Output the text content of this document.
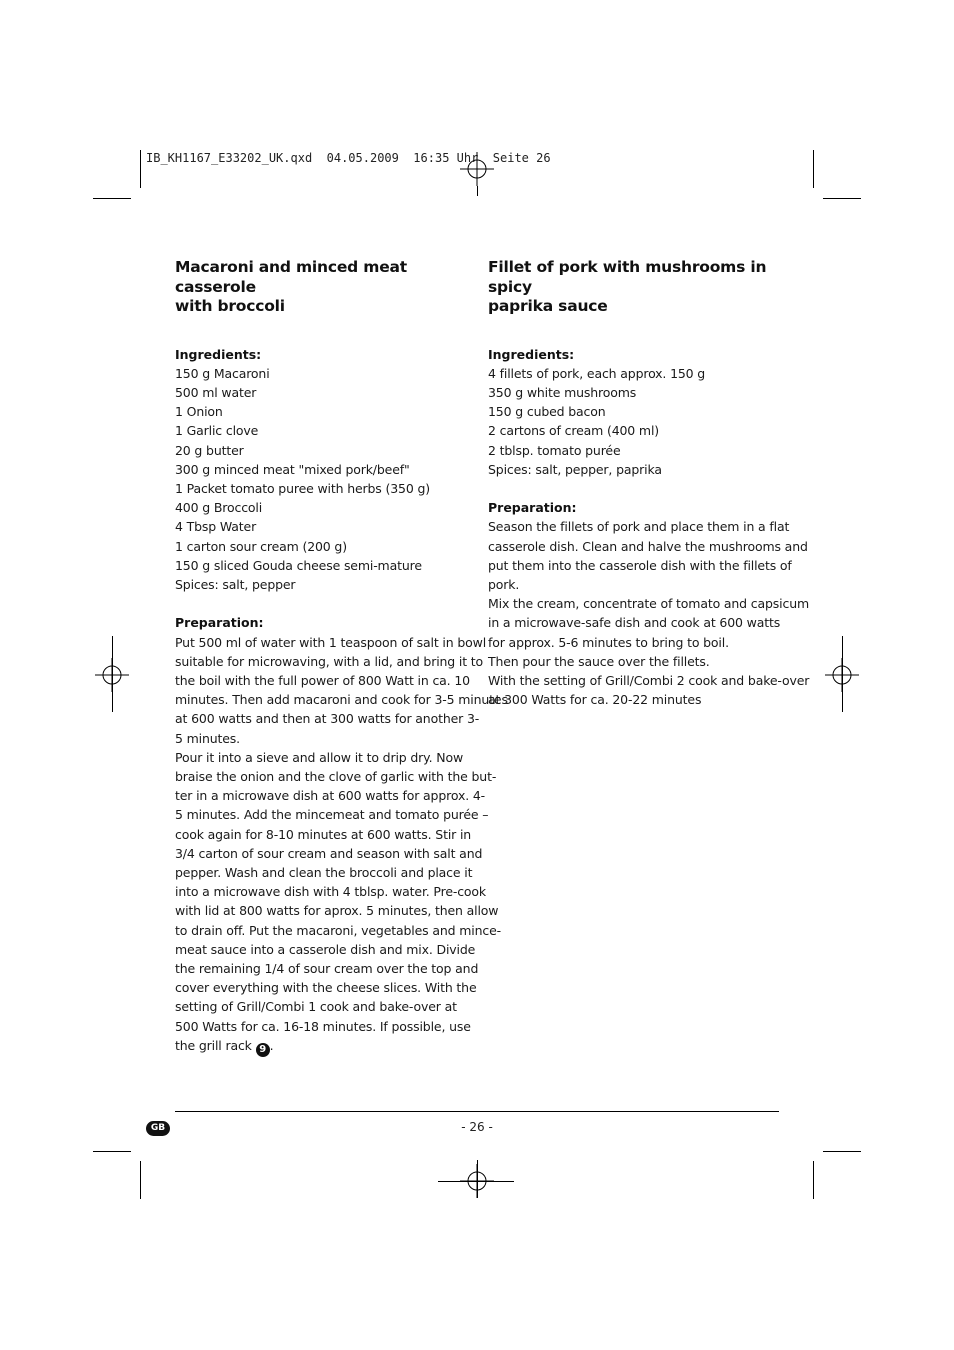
IB_KH1167_E33202_UK.qxd  04.05.2009  16:35 Uhr  Seite 26
Macaroni and minced meat casserole
with broccoli
Ingredients:
150 g Macaroni
500 ml water
1 Onion
1 Garlic clove
20 g butter
300 g minced meat "mixed pork/beef"
1 Packet tomato puree with herbs (350 g)
400 g Broccoli
4 Tbsp Water
1 carton sour cream (200 g)
150 g sliced Gouda cheese semi-mature
Spices: salt, pepper
Preparation:
Put 500 ml of water with 1 teaspoon of salt in bowl
suitable for microwaving, with a lid, and bring it to
the boil with the full power of 800 Watt in ca. 10
minutes. Then add macaroni and cook for 3-5 minutes
at 600 watts and then at 300 watts for another 3-
5 minutes.
Pour it into a sieve and allow it to drip dry. Now
braise the onion and the clove of garlic with the but-
ter in a microwave dish at 600 watts for approx. 4-
5 minutes. Add the mincemeat and tomato purée –
cook again for 8-10 minutes at 600 watts. Stir in
3/4 carton of sour cream and season with salt and
pepper. Wash and clean the broccoli and place it
into a microwave dish with 4 tblsp. water. Pre-cook
with lid at 800 watts for aprox. 5 minutes, then allow
to drain off. Put the macaroni, vegetables and mince-
meat sauce into a casserole dish and mix. Divide
the remaining 1/4 of sour cream over the top and
cover everything with the cheese slices. With the
setting of Grill/Combi 1 cook and bake-over at
500 Watts for ca. 16-18 minutes. If possible, use
the grill rack 9 .
Fillet of pork with mushrooms in spicy
paprika sauce
Ingredients:
4 fillets of pork, each approx. 150 g
350 g white mushrooms
150 g cubed bacon
2 cartons of cream (400 ml)
2 tblsp. tomato purée
Spices: salt, pepper, paprika
Preparation:
Season the fillets of pork and place them in a flat
casserole dish. Clean and halve the mushrooms and
put them into the casserole dish with the fillets of
pork.
Mix the cream, concentrate of tomato and capsicum
in a microwave-safe dish and cook at 600 watts
for approx. 5-6 minutes to bring to boil.
Then pour the sauce over the fillets.
With the setting of Grill/Combi 2 cook and bake-over
at 300 Watts for ca. 20-22 minutes
GB	- 26 -
